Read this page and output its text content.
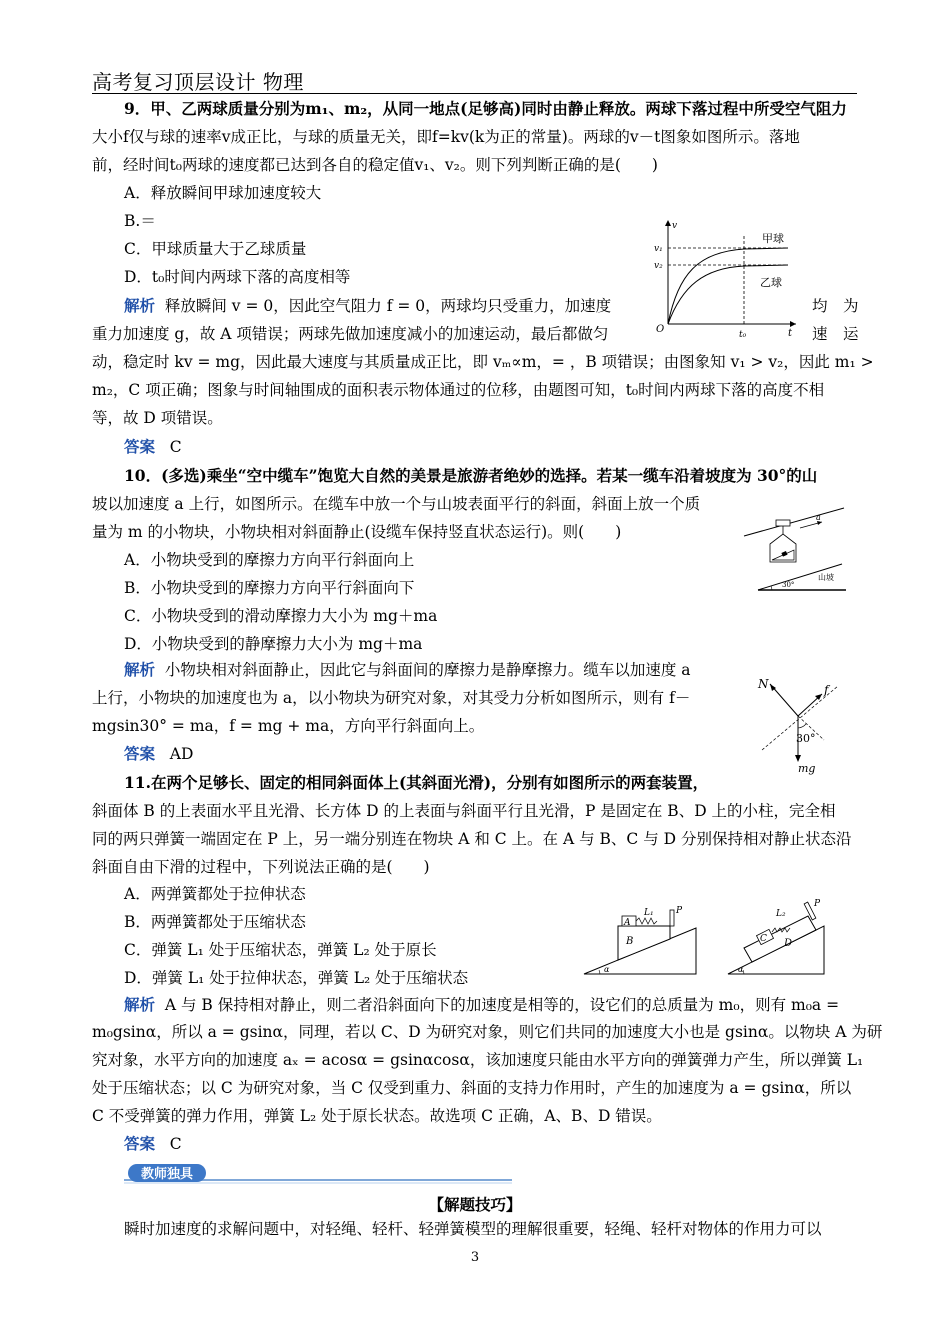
高考复习顶层设计 物理
9．甲、乙两球质量分别为m₁、m₂，从同一地点(足够高)同时由静止释放。两球下落过程中所受空气阻力
大小f仅与球的速率v成正比，与球的质量无关，即f=kv(k为正的常量)。两球的v－t图象如图所示。落地
前，经时间t₀两球的速度都已达到各自的稳定值v₁、v₂。则下列判断正确的是(　　)
A．释放瞬间甲球加速度较大
B.＝
C．甲球质量大于乙球质量
D．t₀时间内两球下落的高度相等
解析 释放瞬间 v = 0，因此空气阻力 f = 0，两球均只受重力，加速度	均　为
重力加速度 g，故 A 项错误；两球先做加速度减小的加速运动，最后都做匀	速　运
动，稳定时 kv = mg，因此最大速度与其质量成正比，即 vₘ∝m，= ，B 项错误；由图象知 v₁ > v₂，因此 m₁ >
m₂，C 项正确；图象与时间轴围成的面积表示物体通过的位移，由题图可知，t₀时间内两球下落的高度不相
等，故 D 项错误。
答案 C
v
v₁
v₂
甲球
乙球
O	t₀	t
10．(多选)乘坐“空中缆车”饱览大自然的美景是旅游者绝妙的选择。若某一缆车沿着坡度为 30°的山
坡以加速度 a 上行，如图所示。在缆车中放一个与山坡表面平行的斜面，斜面上放一个质
量为 m 的小物块，小物块相对斜面静止(设缆车保持竖直状态运行)。则(　　)
A．小物块受到的摩擦力方向平行斜面向上
B．小物块受到的摩擦力方向平行斜面向下
C．小物块受到的滑动摩擦力大小为 mg＋ma
D．小物块受到的静摩擦力大小为 mg＋ma
a
30°
山坡
解析 小物块相对斜面静止，因此它与斜面间的摩擦力是静摩擦力。缆车以加速度 a
上行，小物块的加速度也为 a，以小物块为研究对象，对其受力分析如图所示，则有 f－
mgsin30° = ma，f = mg + ma，方向平行斜面向上。
答案 AD
N	f
30°
mg
11.在两个足够长、固定的相同斜面体上(其斜面光滑)，分别有如图所示的两套装置，
斜面体 B 的上表面水平且光滑、长方体 D 的上表面与斜面平行且光滑，P 是固定在 B、D 上的小柱，完全相
同的两只弹簧一端固定在 P 上，另一端分别连在物块 A 和 C 上。在 A 与 B、C 与 D 分别保持相对静止状态沿
斜面自由下滑的过程中，下列说法正确的是(　　)
A．两弹簧都处于拉伸状态
B．两弹簧都处于压缩状态
C．弹簧 L₁ 处于压缩状态，弹簧 L₂ 处于原长
D．弹簧 L₁ 处于拉伸状态，弹簧 L₂ 处于压缩状态
A
B
L₁ P
α
C D
L₂
P
α
解析 A 与 B 保持相对静止，则二者沿斜面向下的加速度是相等的，设它们的总质量为 m₀，则有 m₀a =
m₀gsinα，所以 a = gsinα，同理，若以 C、D 为研究对象，则它们共同的加速度大小也是 gsinα。以物块 A 为研
究对象，水平方向的加速度 aₓ = acosα = gsinαcosα，该加速度只能由水平方向的弹簧弹力产生，所以弹簧 L₁
处于压缩状态；以 C 为研究对象，当 C 仅受到重力、斜面的支持力作用时，产生的加速度为 a = gsinα，所以
C 不受弹簧的弹力作用，弹簧 L₂ 处于原长状态。故选项 C 正确，A、B、D 错误。
答案 C
教师独具
【解题技巧】
瞬时加速度的求解问题中，对轻绳、轻杆、轻弹簧模型的理解很重要，轻绳、轻杆对物体的作用力可以
3
